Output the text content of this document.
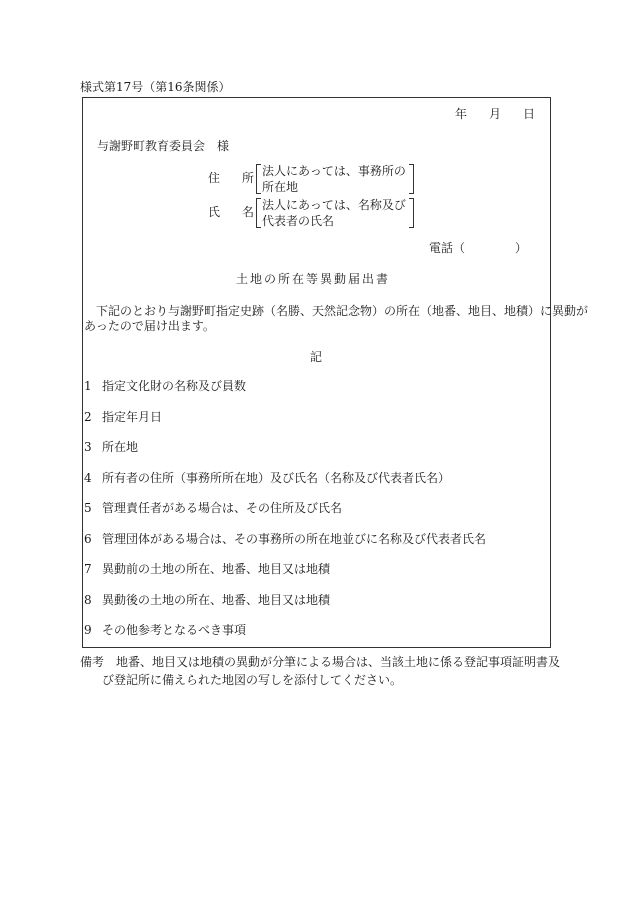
様式第17号（第16条関係）
年 月 日
与謝野町教育委員会　様
住 所 法人にあっては、事務所の
所在地
氏 名 法人にあっては、名称及び
代表者の氏名
電話（	）
土地の所在等異動届出書
下記のとおり与謝野町指定史跡（名勝、天然記念物）の所在（地番、地目、地積）に異動が
あったので届け出ます。
記
1 指定文化財の名称及び員数
2 指定年月日
3 所在地
4 所有者の住所（事務所所在地）及び氏名（名称及び代表者氏名）
5 管理責任者がある場合は、その住所及び氏名
6 管理団体がある場合は、その事務所の所在地並びに名称及び代表者氏名
7 異動前の土地の所在、地番、地目又は地積
8 異動後の土地の所在、地番、地目又は地積
9 その他参考となるべき事項
備考 地番、地目又は地積の異動が分筆による場合は、当該土地に係る登記事項証明書及
び登記所に備えられた地図の写しを添付してください。
